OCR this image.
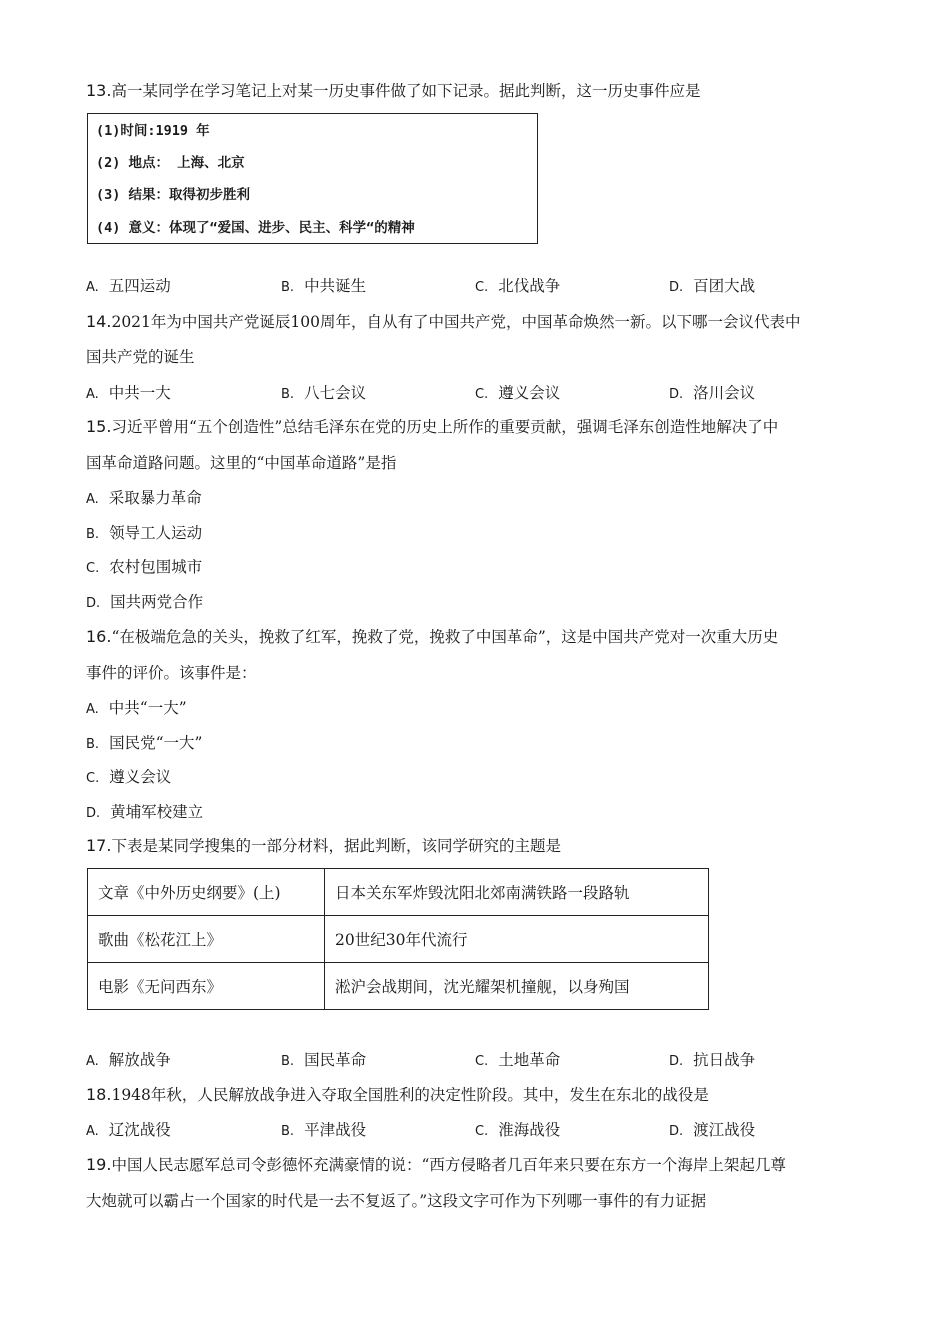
13.高一某同学在学习笔记上对某一历史事件做了如下记录。据此判断，这一历史事件应是
(1)时间:1919 年
(2) 地点： 上海、北京
(3) 结果：取得初步胜利
(4) 意义：体现了“爱国、进步、民主、科学“的精神
A. 五四运动	B. 中共诞生	C. 北伐战争	D. 百团大战
14.2021年为中国共产党诞辰100周年，自从有了中国共产党，中国革命焕然一新。以下哪一会议代表中
国共产党的诞生
A. 中共一大	B. 八七会议	C. 遵义会议	D. 洛川会议
15.习近平曾用“五个创造性”总结毛泽东在党的历史上所作的重要贡献，强调毛泽东创造性地解决了中
国革命道路问题。这里的“中国革命道路”是指
A. 采取暴力革命
B. 领导工人运动
C. 农村包围城市
D. 国共两党合作
16.“在极端危急的关头，挽救了红军，挽救了党，挽救了中国革命”，这是中国共产党对一次重大历史
事件的评价。该事件是：
A. 中共“一大”
B. 国民党“一大”
C. 遵义会议
D. 黄埔军校建立
17.下表是某同学搜集的一部分材料，据此判断，该同学研究的主题是
文章《中外历史纲要》(上)	日本关东军炸毁沈阳北郊南满铁路一段路轨
歌曲《松花江上》	20世纪30年代流行
电影《无问西东》	淞沪会战期间，沈光耀架机撞舰，以身殉国
A. 解放战争	B. 国民革命	C. 土地革命	D. 抗日战争
18.1948年秋，人民解放战争进入夺取全国胜利的决定性阶段。其中，发生在东北的战役是
A. 辽沈战役	B. 平津战役	C. 淮海战役	D. 渡江战役
19.中国人民志愿军总司令彭德怀充满豪情的说：“西方侵略者几百年来只要在东方一个海岸上架起几尊
大炮就可以霸占一个国家的时代是一去不复返了。”这段文字可作为下列哪一事件的有力证据
